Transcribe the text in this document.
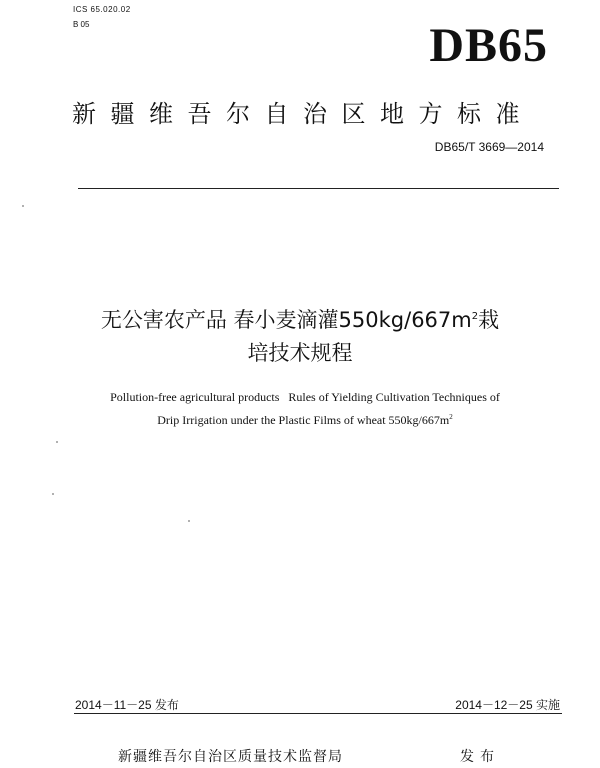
ICS 65.020.02
B 05	DB65
新疆维吾尔自治区地方标准
DB65/T 3669—2014
无公害农产品 春小麦滴灌$550kg/667m^2$栽
培技术规程
Pollution-free agricultural products   Rules of Yielding Cultivation Techniques of
Drip Irrigation under the Plastic Films of wheat $550kg/667m^2$
2014－11－25 发布	2014－12－25 实施
新疆维吾尔自治区质量技术监督局	发布
